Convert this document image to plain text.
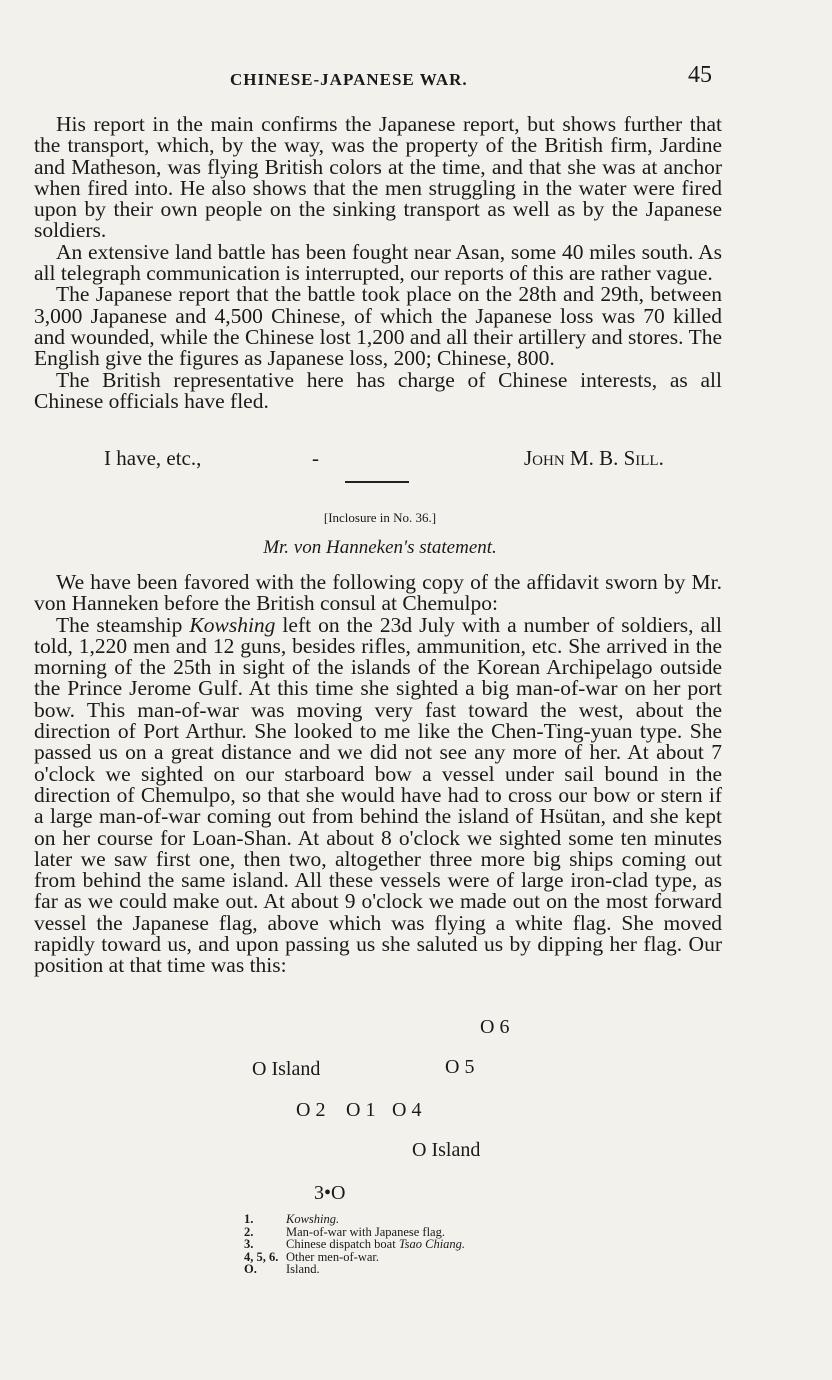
CHINESE-JAPANESE WAR.	45

His report in the main confirms the Japanese report, but shows further that the transport, which, by the way, was the property of the British firm, Jardine and Matheson, was flying British colors at the time, and that she was at anchor when fired into. He also shows that the men struggling in the water were fired upon by their own people on the sinking transport as well as by the Japanese soldiers.

An extensive land battle has been fought near Asan, some 40 miles south. As all telegraph communication is interrupted, our reports of this are rather vague.

The Japanese report that the battle took place on the 28th and 29th, between 3,000 Japanese and 4,500 Chinese, of which the Japanese loss was 70 killed and wounded, while the Chinese lost 1,200 and all their artillery and stores. The English give the figures as Japanese loss, 200; Chinese, 800.

The British representative here has charge of Chinese interests, as all Chinese officials have fled.

I have, etc.,	-	John M. B. Sill.
[Inclosure in No. 36.]
Mr. von Hanneken's statement.

We have been favored with the following copy of the affidavit sworn by Mr. von Hanneken before the British consul at Chemulpo:

The steamship Kowshing left on the 23d July with a number of soldiers, all told, 1,220 men and 12 guns, besides rifles, ammunition, etc. She arrived in the morning of the 25th in sight of the islands of the Korean Archipelago outside the Prince Jerome Gulf. At this time she sighted a big man-of-war on her port bow. This man-of-war was moving very fast toward the west, about the direction of Port Arthur. She looked to me like the Chen-Ting-yuan type. She passed us on a great distance and we did not see any more of her. At about 7 o'clock we sighted on our starboard bow a vessel under sail bound in the direction of Chemulpo, so that she would have had to cross our bow or stern if a large man-of-war coming out from behind the island of Hsütan, and she kept on her course for Loan-Shan. At about 8 o'clock we sighted some ten minutes later we saw first one, then two, altogether three more big ships coming out from behind the same island. All these vessels were of large iron-clad type, as far as we could make out. At about 9 o'clock we made out on the most forward vessel the Japanese flag, above which was flying a white flag. She moved rapidly toward us, and upon passing us she saluted us by dipping her flag. Our position at that time was this:

O 6
O Island	O 5
O 2 O 1 O 4
O Island
3•O
1.	Kowshing.
2.	Man-of-war with Japanese flag.
3.	Chinese dispatch boat Tsao Chiang.
4, 5, 6. Other men-of-war.
O.	Island.
